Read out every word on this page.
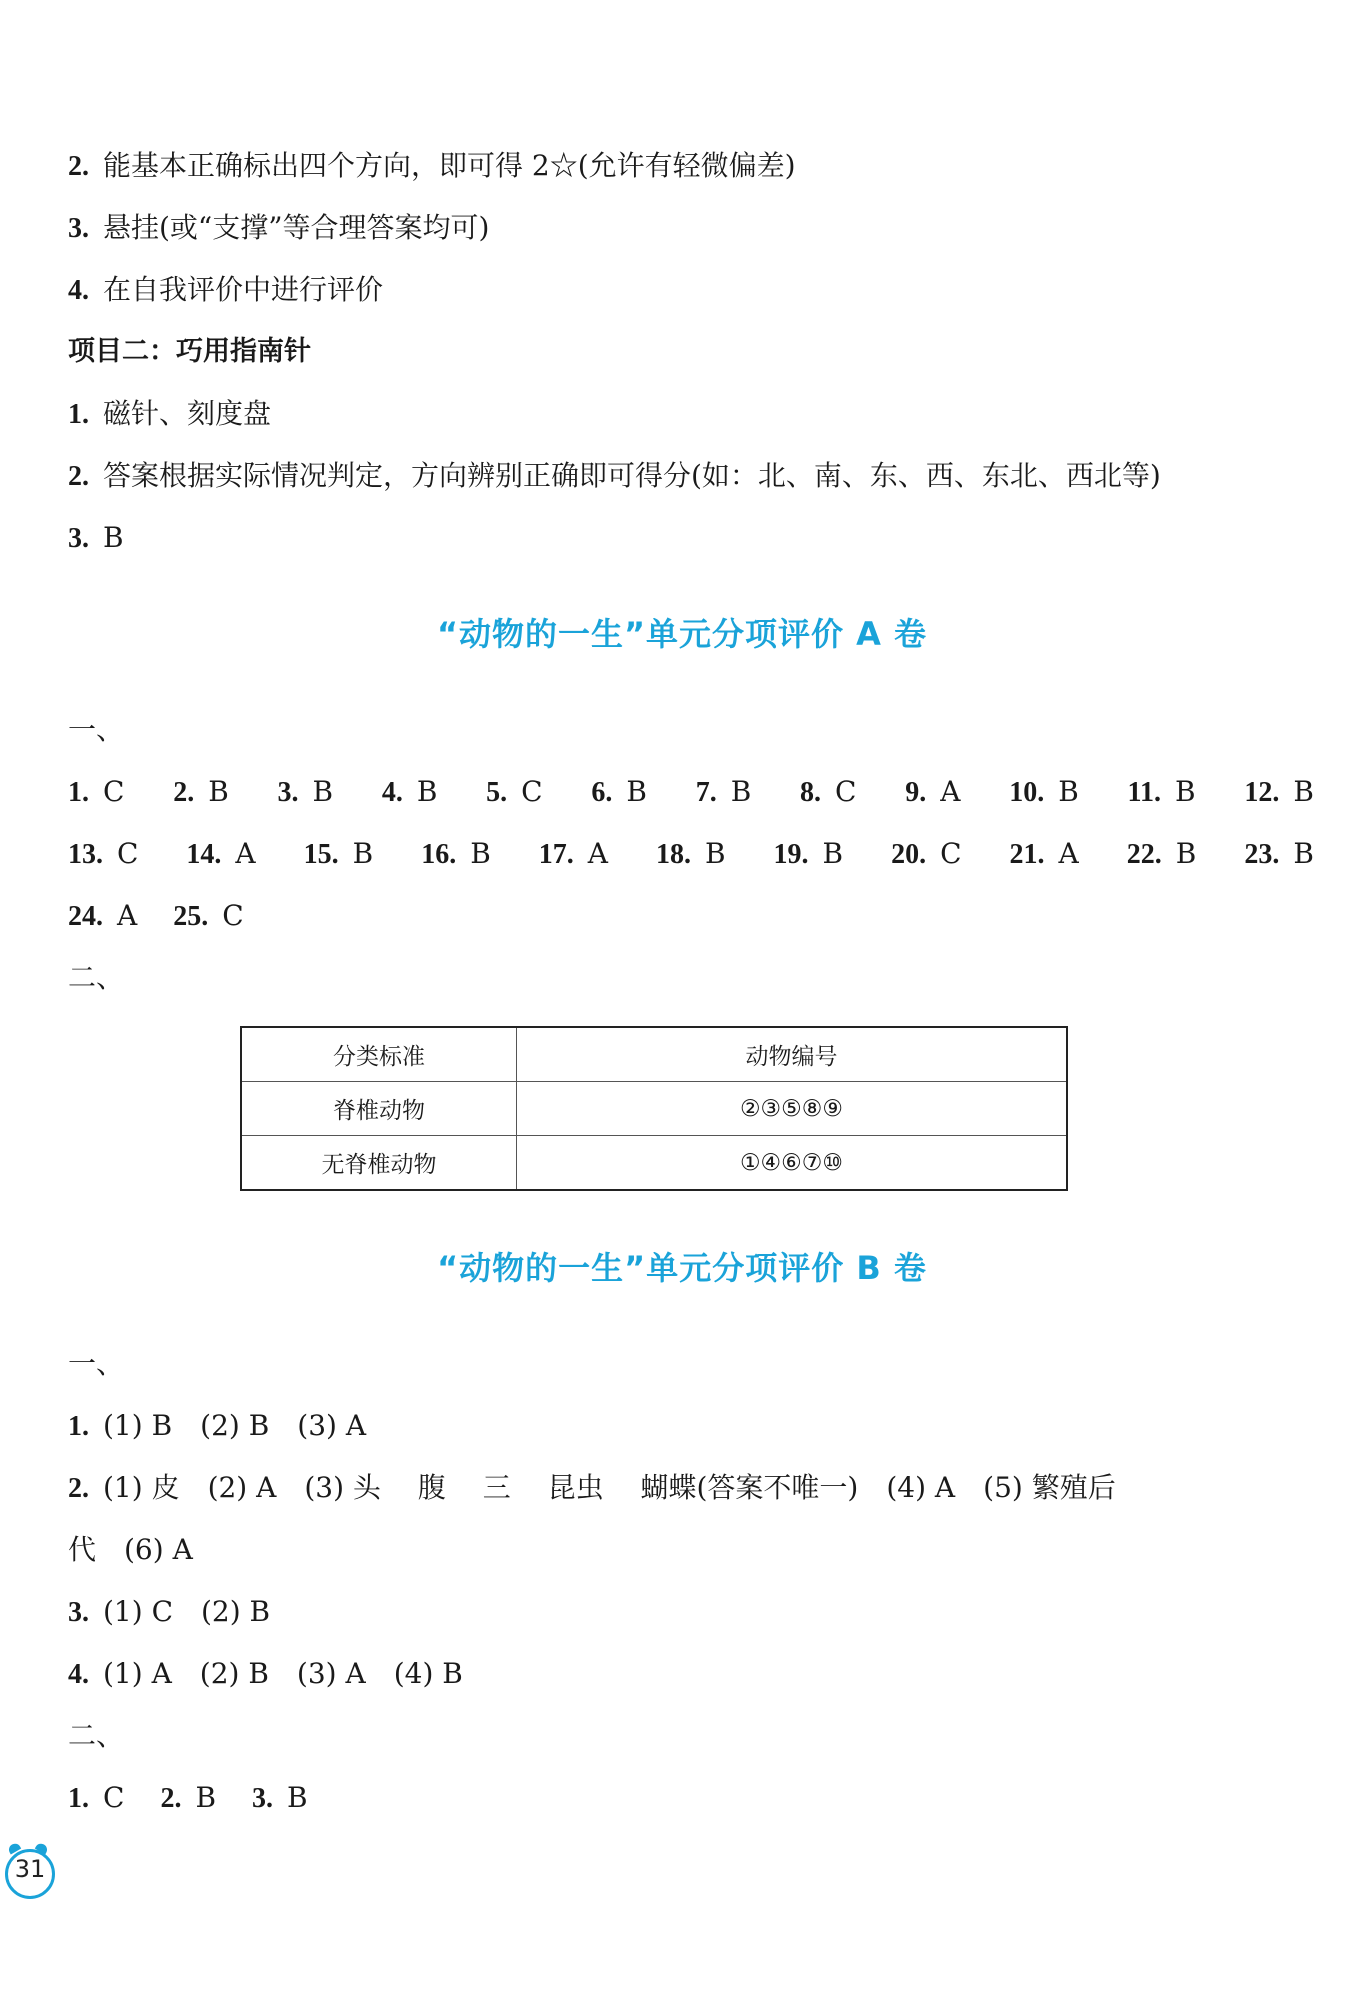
2. 能基本正确标出四个方向，即可得 2☆(允许有轻微偏差)
3. 悬挂(或“支撑”等合理答案均可)
4. 在自我评价中进行评价
项目二：巧用指南针
1. 磁针、刻度盘
2. 答案根据实际情况判定，方向辨别正确即可得分(如：北、南、东、西、东北、西北等)
3. B
“动物的一生”单元分项评价 A 卷
一、
1. C 2. B 3. B 4. B 5. C 6. B 7. B 8. C 9. A 10. B 11. B 12. B
13. C 14. A 15. B 16. B 17. A 18. B 19. B 20. C 21. A 22. B 23. B
24. A 25. C
二、
分类标准	动物编号
脊椎动物	②③⑤⑧⑨
无脊椎动物	①④⑥⑦⑩
“动物的一生”单元分项评价 B 卷
一、
1. (1) B　(2) B　(3) A
2. (1) 皮　(2) A　(3) 头　 腹　 三　 昆虫　 蝴蝶(答案不唯一)　(4) A　(5) 繁殖后
代　(6) A
3. (1) C　(2) B
4. (1) A　(2) B　(3) A　(4) B
二、
1. C 2. B 3. B
31
